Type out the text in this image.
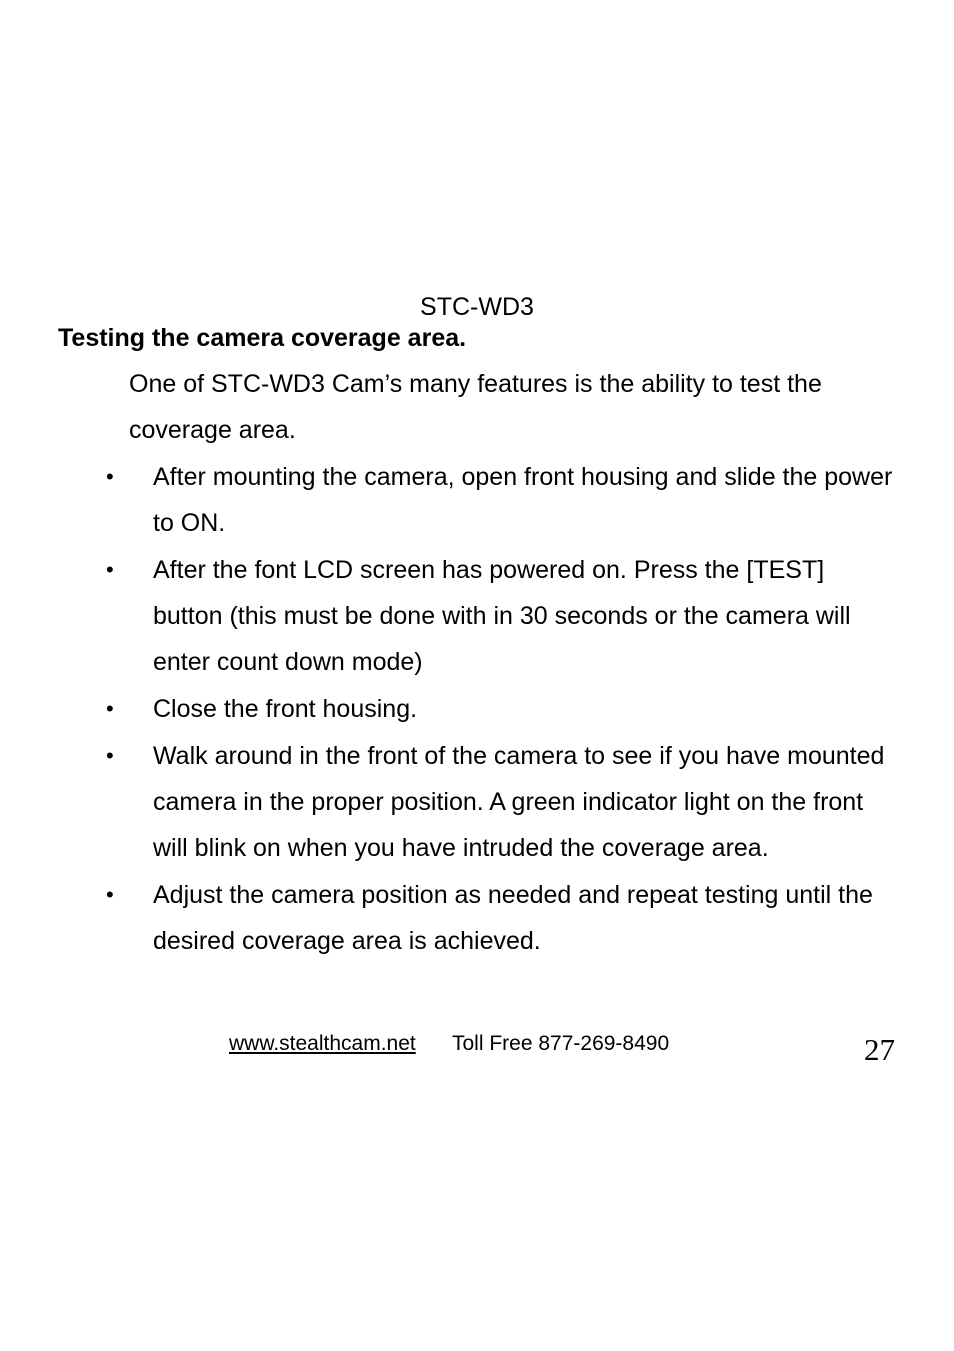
STC-WD3
Testing the camera coverage area.

One of STC-WD3 Cam’s many features is the ability to test the coverage area.

• After mounting the camera, open front housing and slide the power to ON.
• After the font LCD screen has powered on. Press the [TEST] button (this must be done with in 30 seconds or the camera will enter count down mode)
• Close the front housing.
• Walk around in the front of the camera to see if you have mounted camera in the proper position. A green indicator light on the front will blink on when you have intruded the coverage area.
• Adjust the camera position as needed and repeat testing until the desired coverage area is achieved.
www.stealthcam.net Toll Free 877-269-8490	27
